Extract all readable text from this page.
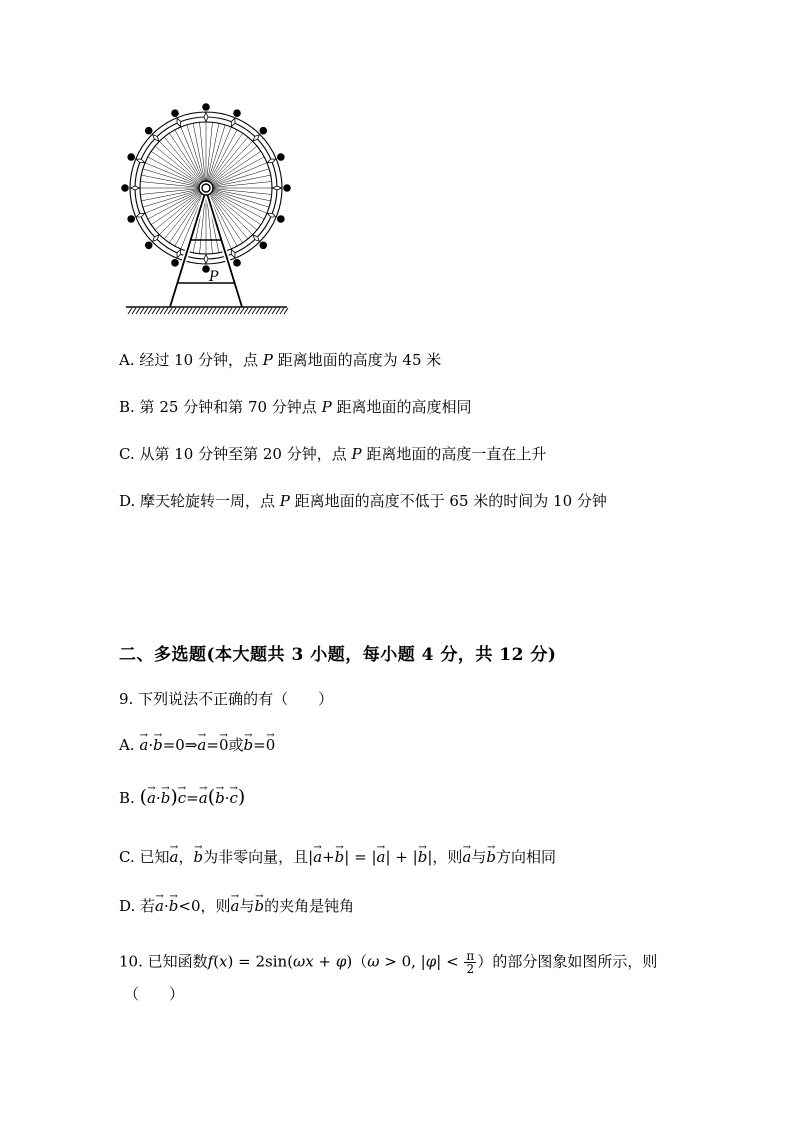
P
A. 经过 10 分钟，点 P 距离地面的高度为 45 米
B. 第 25 分钟和第 70 分钟点 P 距离地面的高度相同
C. 从第 10 分钟至第 20 分钟，点 P 距离地面的高度一直在上升
D. 摩天轮旋转一周，点 P 距离地面的高度不低于 65 米的时间为 10 分钟
二、多选题(本大题共 3 小题，每小题 4 分，共 12 分)
9. 下列说法不正确的有（　　）
A. → a·→ b=0⇒→ a=→ 0或→ b=→ 0
B. (→ a·→ b)→ c=→ a(→ b·→ c)
C. 已知→ a，→ b为非零向量，且|→ a+→ b| = |→ a| + |→ b|，则→ a与→ b方向相同
D. 若→ a·→ b<0，则→ a与→ b的夹角是钝角
10. 已知函数f(x) = 2sin(ωx + φ)（ω > 0, $|\varphi| < \frac{\pi}{2}$ ）的部分图象如图所示，则
（　　）
